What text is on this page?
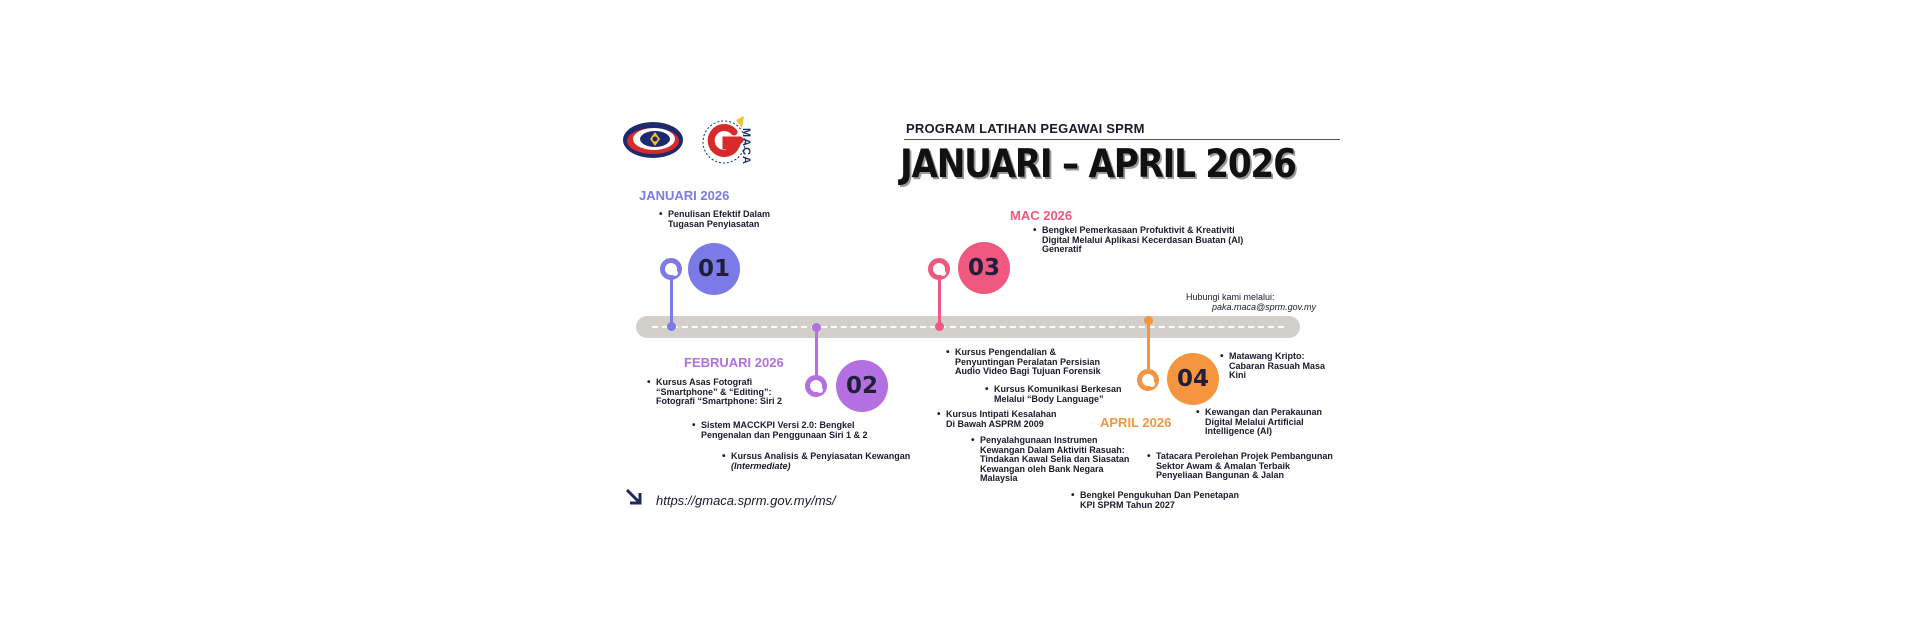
MACA	PROGRAM LATIHAN PEGAWAI SPRM
JANUARI – APRIL 2026
JANUARI 2026
• Penulisan Efektif Dalam Tugasan Penyiasatan
01
02
FEBRUARI 2026
• Kursus Asas Fotografi “Smartphone” & “Editing”: Fotografi “Smartphone: Siri 2
• Sistem MACCKPI Versi 2.0: Bengkel Pengenalan dan Penggunaan Siri 1 & 2
• Kursus Analisis & Penyiasatan Kewangan
(Intermediate)
MAC 2026
• Bengkel Pemerkasaan Profuktivit & Kreativiti Digital Melalui Aplikasi Kecerdasan Buatan (AI) Generatif
03
• Kursus Pengendalian & Penyuntingan Peralatan Persisian Audio Video Bagi Tujuan Forensik
• Kursus Komunikasi Berkesan Melalui “Body Language”
• Kursus Intipati Kesalahan Di Bawah ASPRM 2009
• Penyalahgunaan Instrumen Kewangan Dalam Aktiviti Rasuah: Tindakan Kawal Selia dan Siasatan Kewangan oleh Bank Negara Malaysia
• Bengkel Pengukuhan Dan Penetapan KPI SPRM Tahun 2027
Hubungi kami melalui:
paka.maca@sprm.gov.my
04
• Matawang Kripto: Cabaran Rasuah Masa Kini
• Kewangan dan Perakaunan Digital Melalui Artificial Intelligence (AI)
APRIL 2026
• Tatacara Perolehan Projek Pembangunan Sektor Awam & Amalan Terbaik Penyeliaan Bangunan & Jalan
https://gmaca.sprm.gov.my/ms/
